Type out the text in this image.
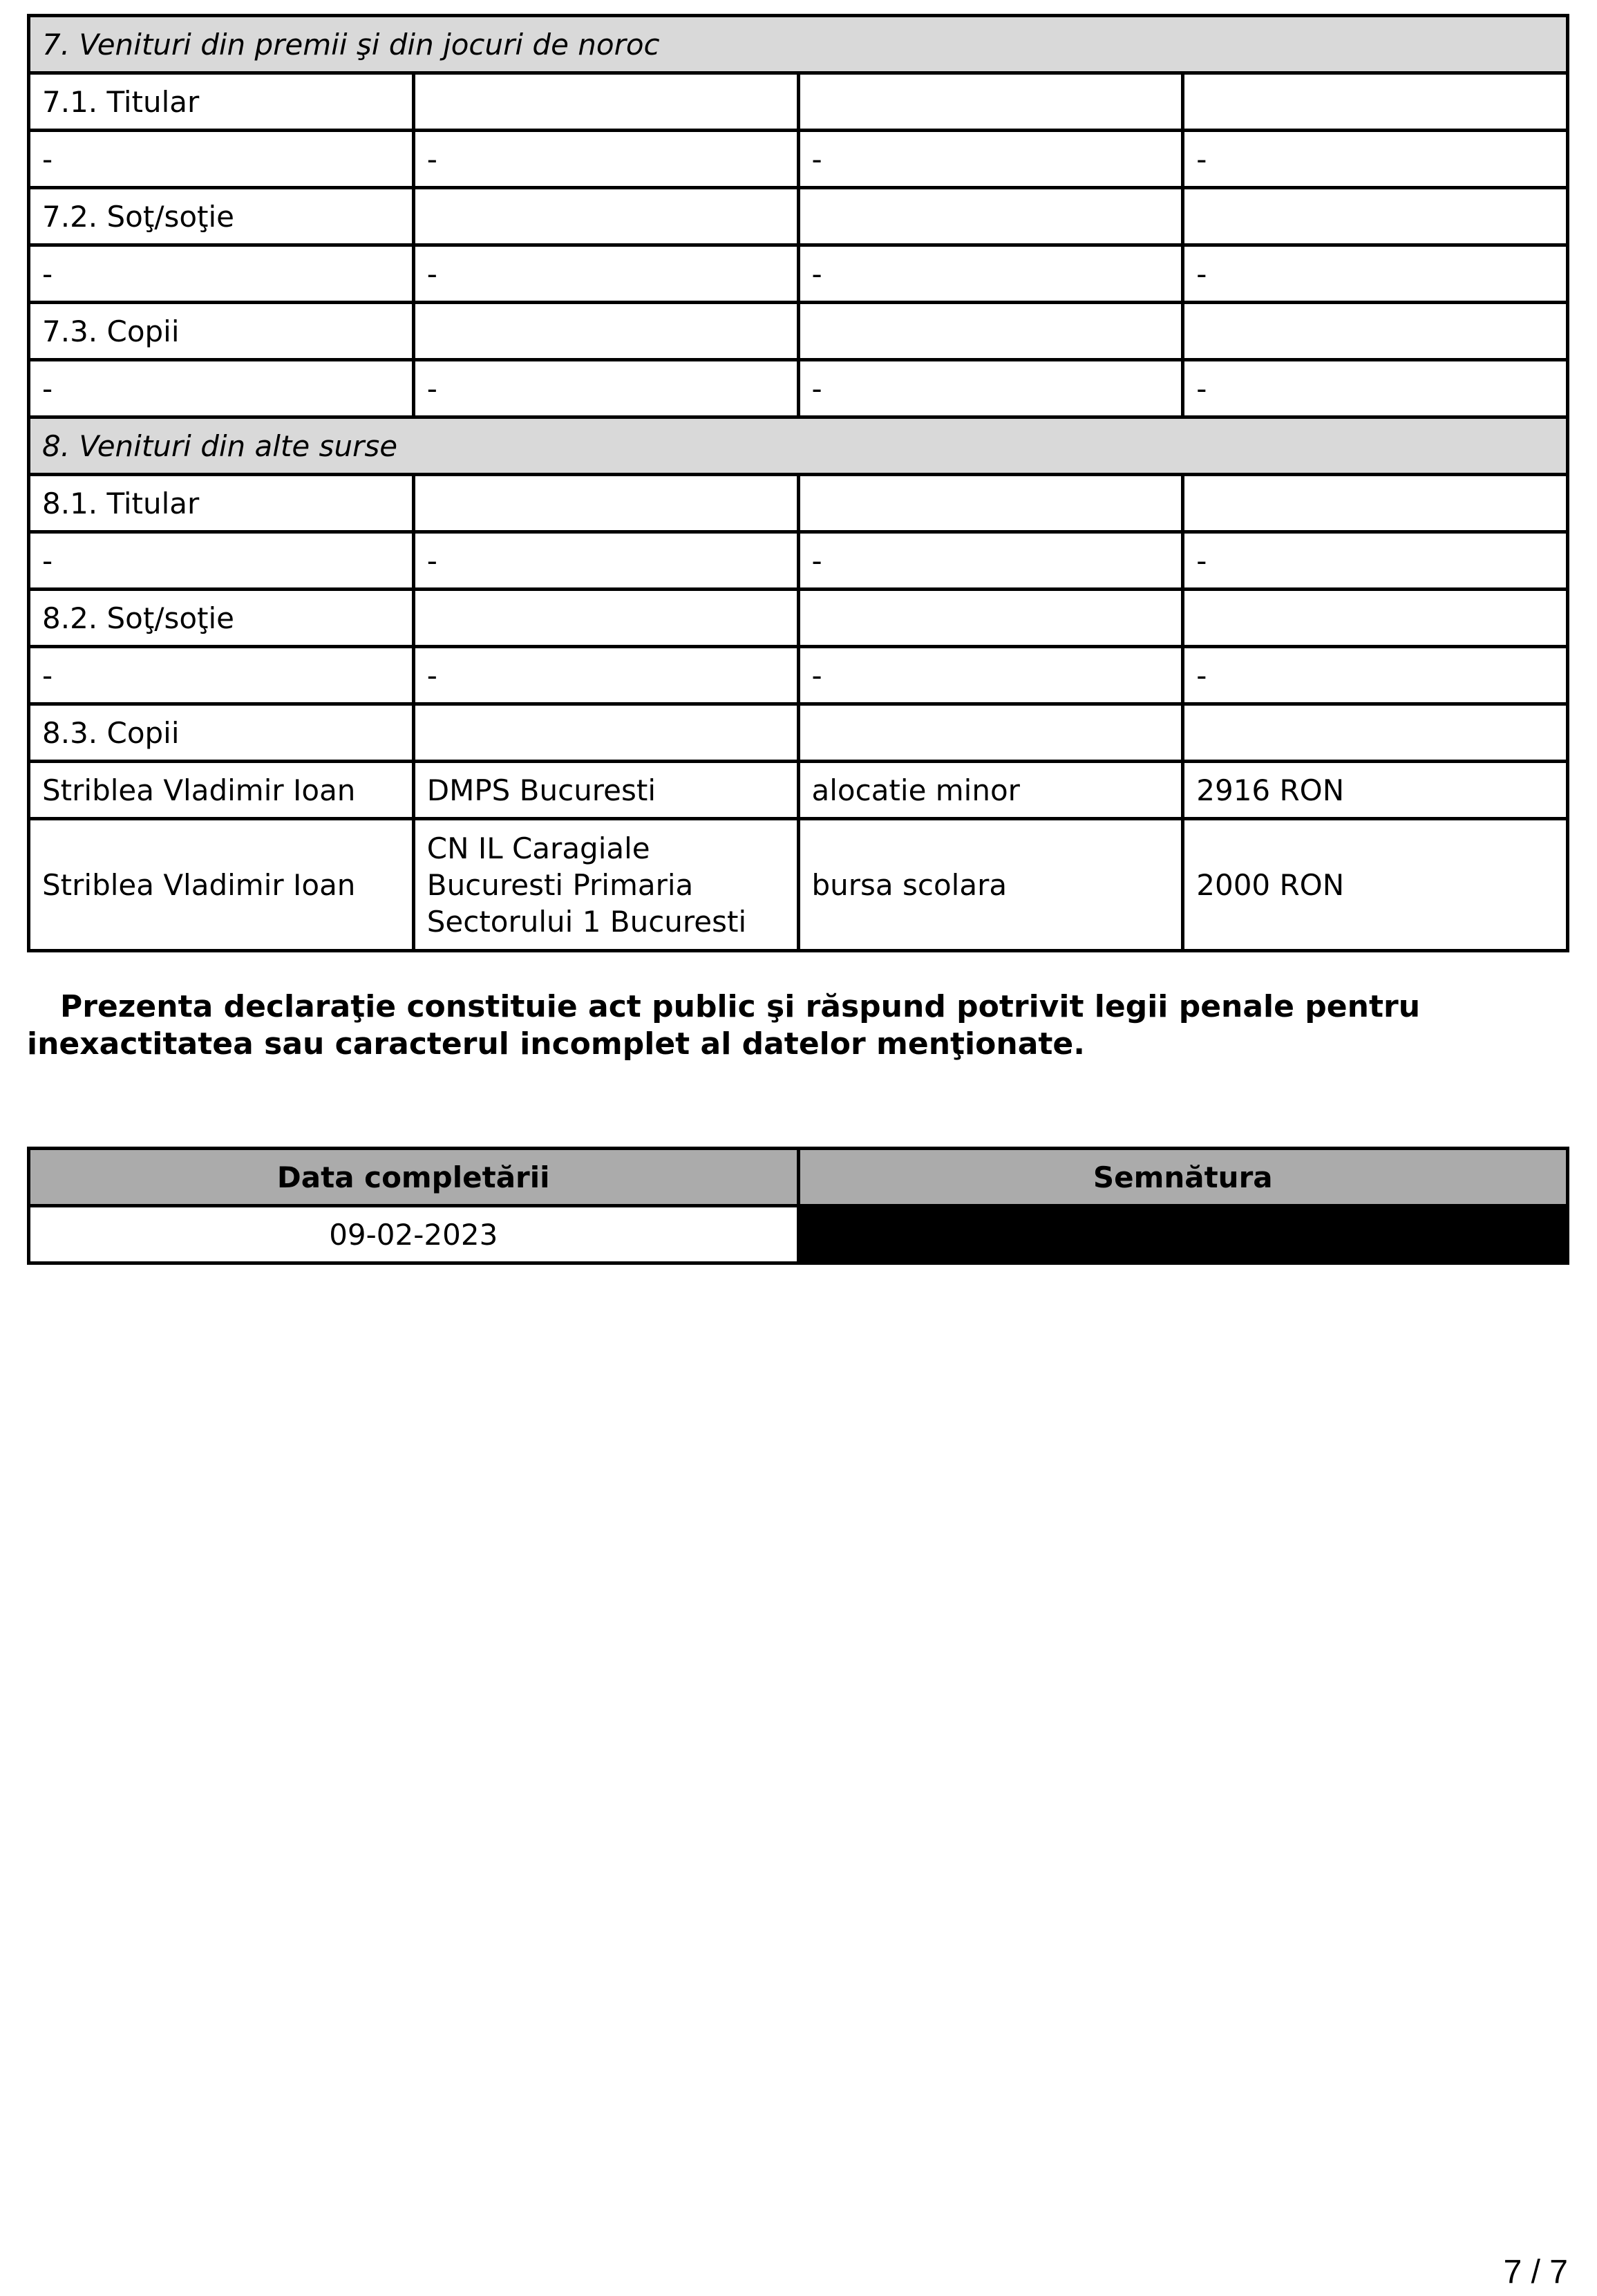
7. Venituri din premii şi din jocuri de noroc			
7.1. Titular			
-	-	-	-
7.2. Soţ/soţie			
-	-	-	-
7.3. Copii			
-	-	-	-
8. Venituri din alte surse			
8.1. Titular			
-	-	-	-
8.2. Soţ/soţie			
-	-	-	-
8.3. Copii			
Striblea Vladimir Ioan	DMPS Bucuresti	alocatie minor	2916 RON
Striblea Vladimir Ioan	CN IL Caragiale Bucuresti Primaria Sectorului 1 Bucuresti	bursa scolara	2000 RON

Prezenta declaraţie constituie act public şi răspund potrivit legii penale pentru inexactitatea sau caracterul incomplet al datelor menţionate.

Data completării	Semnătura
09-02-2023	
7 / 7
